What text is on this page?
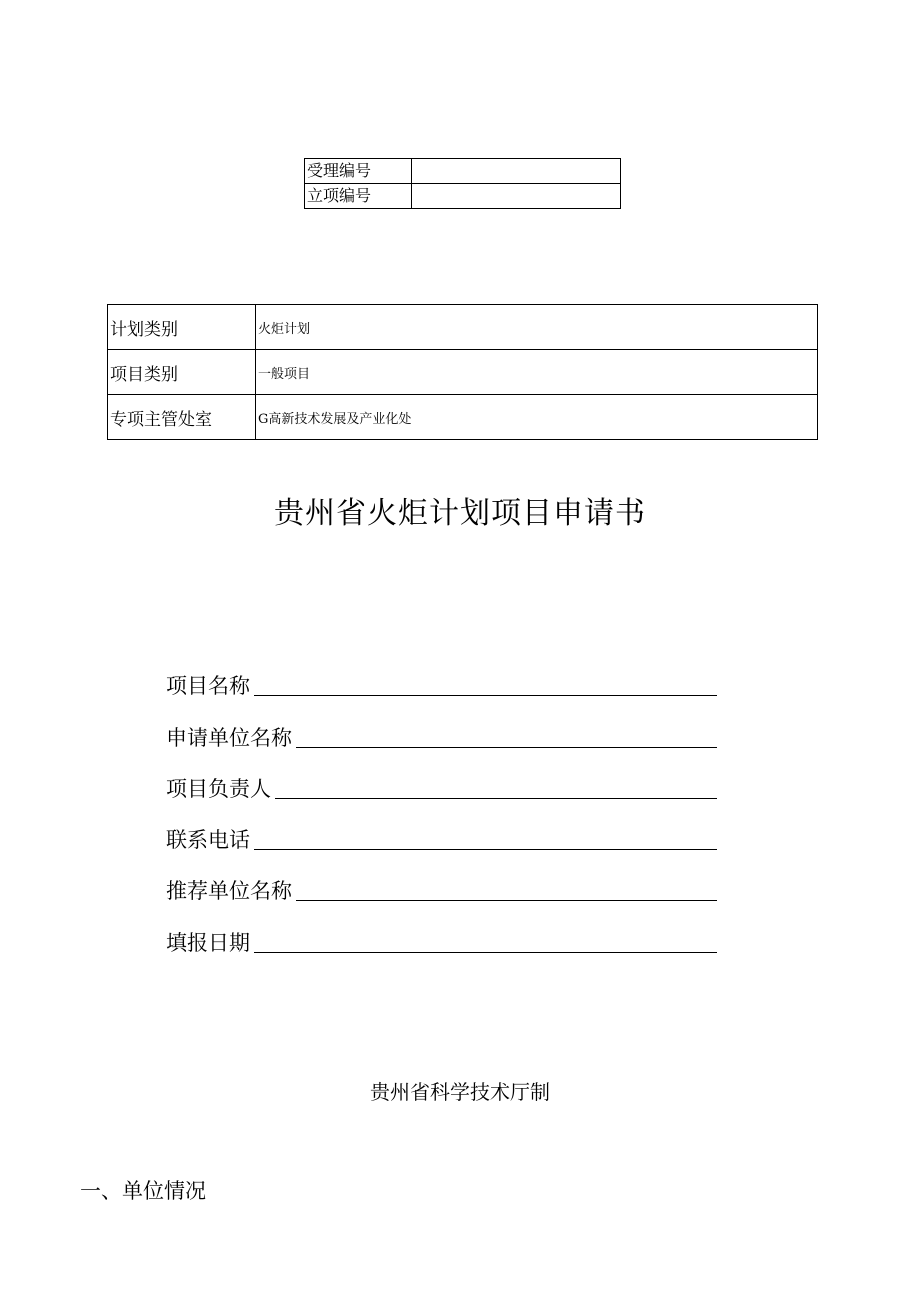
受理编号	
立项编号	
计划类别	火炬计划
项目类别	一般项目
专项主管处室	G高新技术发展及产业化处
贵州省火炬计划项目申请书
项目名称
申请单位名称
项目负责人
联系电话
推荐单位名称
填报日期
贵州省科学技术厅制
一、单位情况
